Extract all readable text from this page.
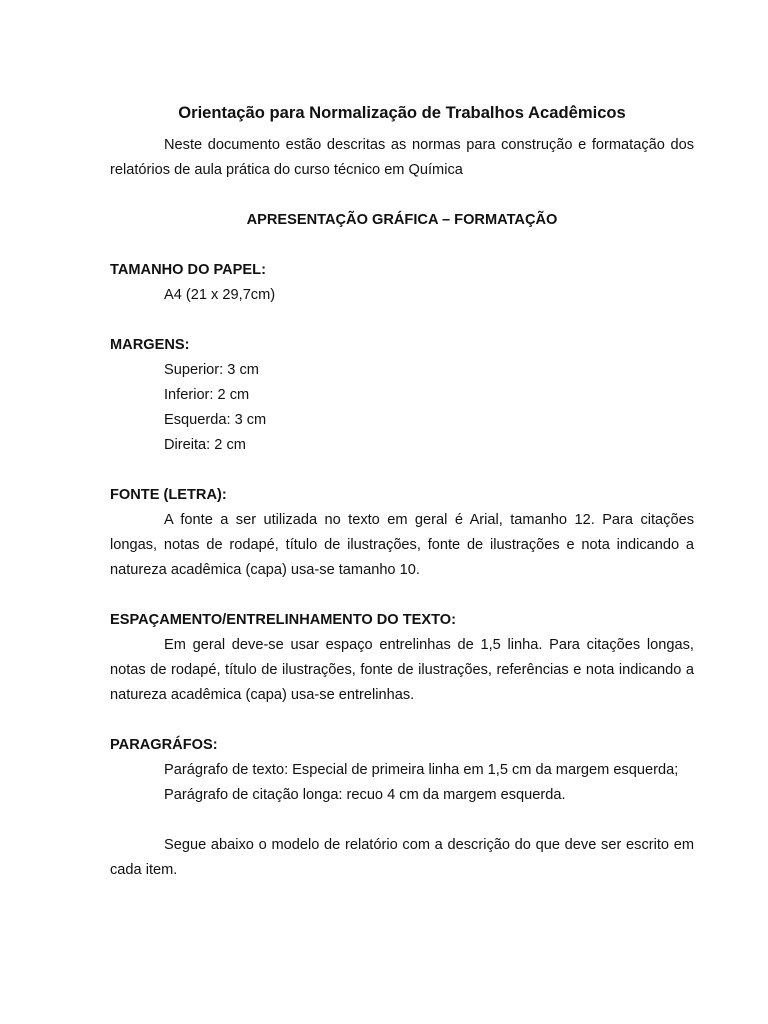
Orientação para Normalização de Trabalhos Acadêmicos

Neste documento estão descritas as normas para construção e formatação dos relatórios de aula prática do curso técnico em Química

APRESENTAÇÃO GRÁFICA – FORMATAÇÃO

TAMANHO DO PAPEL:

A4 (21 x 29,7cm)

MARGENS:

Superior: 3 cm

Inferior: 2 cm

Esquerda: 3 cm

Direita: 2 cm

FONTE (LETRA):

A fonte a ser utilizada no texto em geral é Arial, tamanho 12. Para citações longas, notas de rodapé, título de ilustrações, fonte de ilustrações e nota indicando a natureza acadêmica (capa) usa-se tamanho 10.

ESPAÇAMENTO/ENTRELINHAMENTO DO TEXTO:

Em geral deve-se usar espaço entrelinhas de 1,5 linha. Para citações longas, notas de rodapé, título de ilustrações, fonte de ilustrações, referências e nota indicando a natureza acadêmica (capa) usa-se entrelinhas.

PARAGRÁFOS:

Parágrafo de texto: Especial de primeira linha em 1,5 cm da margem esquerda;

Parágrafo de citação longa: recuo 4 cm da margem esquerda.

Segue abaixo o modelo de relatório com a descrição do que deve ser escrito em cada item.
